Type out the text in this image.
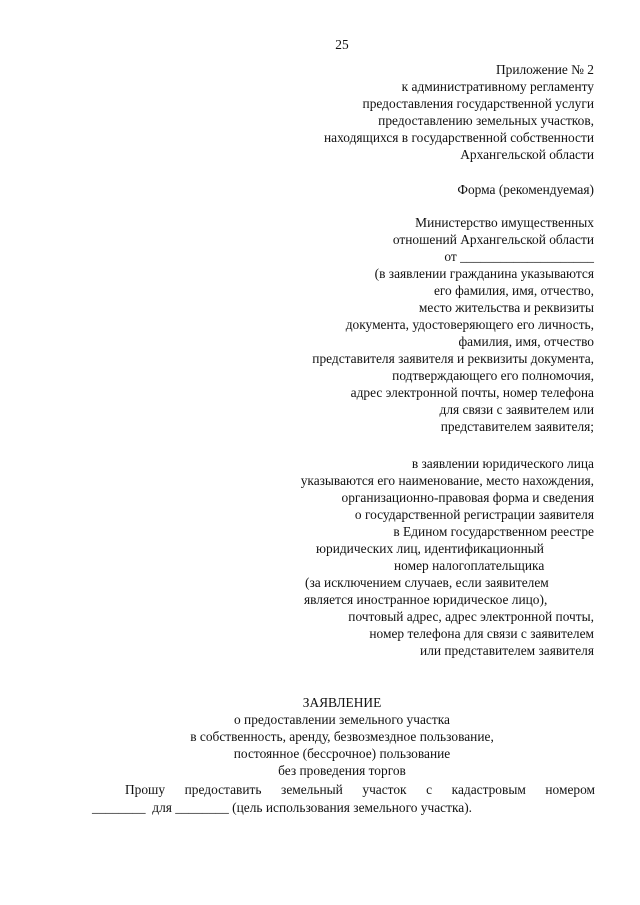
25
Приложение № 2
к административному регламенту
предоставления государственной услуги
предоставлению земельных участков,
находящихся в государственной собственности
Архангельской области
Форма (рекомендуемая)
Министерство имущественных
отношений Архангельской области
от ____________________
(в заявлении гражданина указываются
его фамилия, имя, отчество,
место жительства и реквизиты
документа, удостоверяющего его личность,
фамилия, имя, отчество
представителя заявителя и реквизиты документа,
подтверждающего его полномочия,
адрес электронной почты, номер телефона
для связи с заявителем или
представителем заявителя;
в заявлении юридического лица
указываются его наименование, место нахождения,
организационно-правовая форма и сведения
о государственной регистрации заявителя
в Едином государственном реестре
юридических лиц, идентификационный
номер налогоплательщика
(за исключением случаев, если заявителем
является иностранное юридическое лицо),
почтовый адрес, адрес электронной почты,
номер телефона для связи с заявителем
или представителем заявителя
ЗАЯВЛЕНИЕ
о предоставлении земельного участка
в собственность, аренду, безвозмездное пользование,
постоянное (бессрочное) пользование
без проведения торгов
Прошу предоставить земельный участок с кадастровым номером
________  для ________ (цель использования земельного участка).
